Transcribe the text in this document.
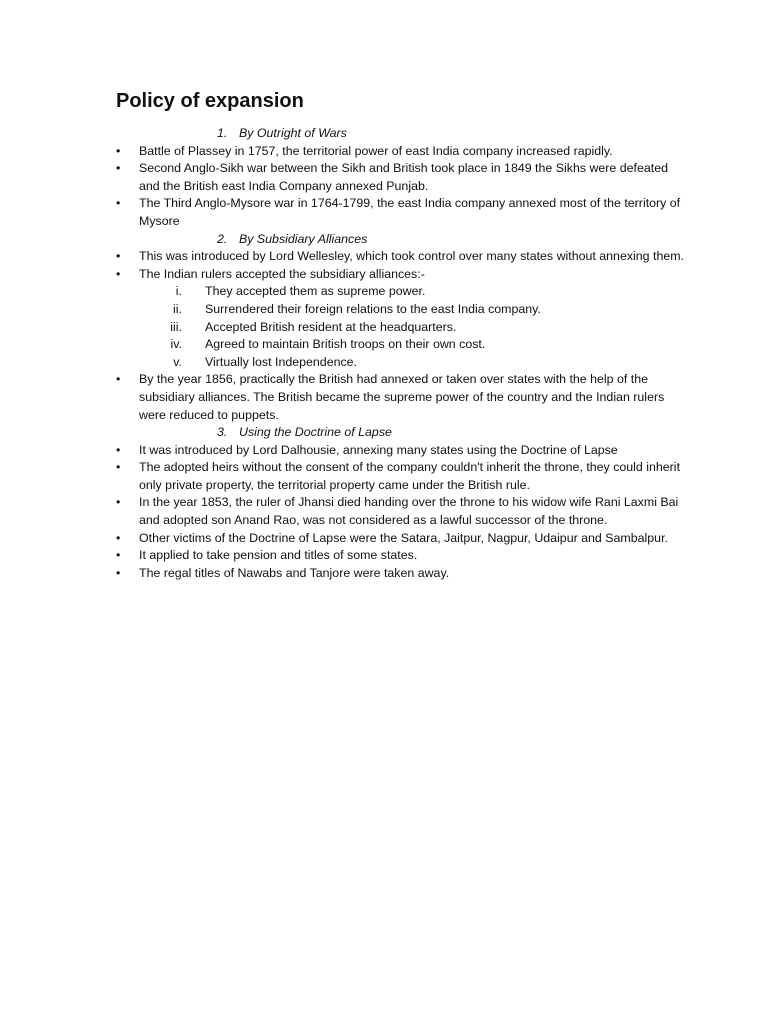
Policy of expansion
1. By Outright of Wars
•	Battle of Plassey in 1757, the territorial power of east India company increased rapidly.
•	Second Anglo-Sikh war between the Sikh and British took place in 1849 the Sikhs were defeated and the British east India Company annexed Punjab.
•	The Third Anglo-Mysore war in 1764-1799, the east India company annexed most of the territory of Mysore
2. By Subsidiary Alliances
•	This was introduced by Lord Wellesley, which took control over many states without annexing them.
•	The Indian rulers accepted the subsidiary alliances:-
i. They accepted them as supreme power.
ii. Surrendered their foreign relations to the east India company.
iii. Accepted British resident at the headquarters.
iv. Agreed to maintain British troops on their own cost.
v. Virtually lost Independence.
•	By the year 1856, practically the British had annexed or taken over states with the help of the subsidiary alliances. The British became the supreme power of the country and the Indian rulers were reduced to puppets.
3. Using the Doctrine of Lapse
•	It was introduced by Lord Dalhousie, annexing many states using the Doctrine of Lapse
•	The adopted heirs without the consent of the company couldn't inherit the throne, they could inherit only private property, the territorial property came under the British rule.
•	In the year 1853, the ruler of Jhansi died handing over the throne to his widow wife Rani Laxmi Bai and adopted son Anand Rao, was not considered as a lawful successor of the throne.
•	Other victims of the Doctrine of Lapse were the Satara, Jaitpur, Nagpur, Udaipur and Sambalpur.
•	It applied to take pension and titles of some states.
•	The regal titles of Nawabs and Tanjore were taken away.
